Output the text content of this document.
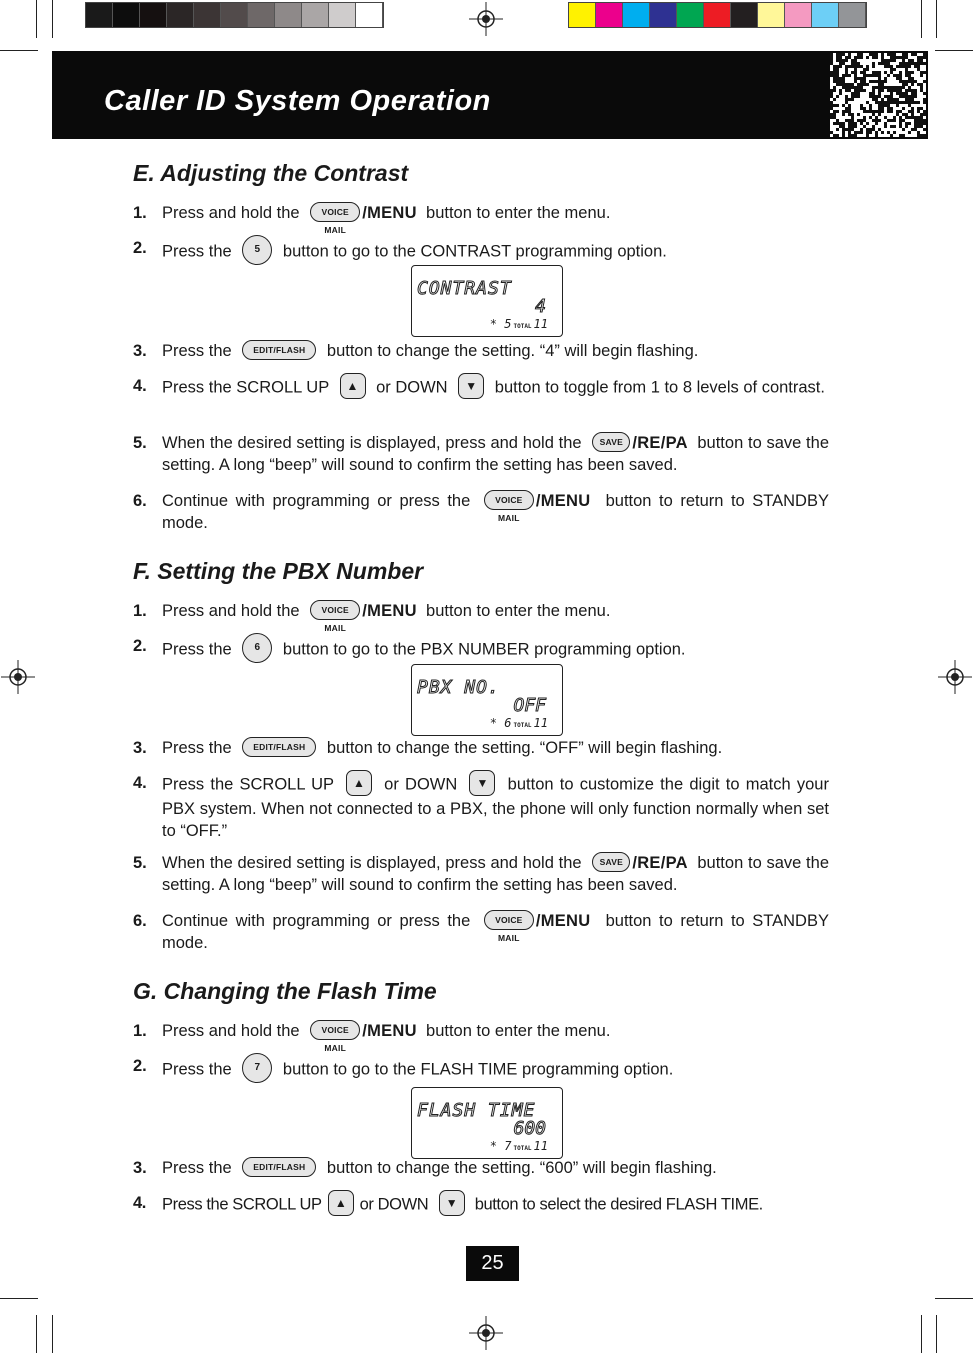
Caller ID System Operation
E. Adjusting the Contrast
1. Press and hold the	VOICE MAIL/MENU button to enter the menu.
2. Press the 5 button to go to the CONTRAST programming option.
CONTRAST
4
* 5 TOTAL 11
3. Press the	EDIT/FLASH button to change the setting. “4” will begin flashing.
4. Press the SCROLL UP ▲ or DOWN ▼ button to toggle from 1 to 8 levels of contrast.
5. When the desired setting is displayed, press and hold the SAVE /RE/PA button to save the setting. A long “beep” will sound to confirm the setting has been saved.
6. Continue with programming or press the	VOICE MAIL/MENU button to return to STANDBY mode.
F. Setting the PBX Number
1. Press and hold the	VOICE MAIL/MENU button to enter the menu.
2. Press the 6 button to go to the PBX NUMBER programming option.
PBX NO.
OFF
* 6 TOTAL 11
3. Press the	EDIT/FLASH button to change the setting. “OFF” will begin flashing.
4. Press the SCROLL UP ▲ or DOWN ▼ button to customize the digit to match your PBX system. When not connected to a PBX, the phone will only function normally when set to “OFF.”
5. When the desired setting is displayed, press and hold the SAVE /RE/PA button to save the setting. A long “beep” will sound to confirm the setting has been saved.
6. Continue with programming or press the	VOICE MAIL/MENU button to return to STANDBY mode.
G. Changing the Flash Time
1. Press and hold the	VOICE MAIL/MENU button to enter the menu.
2. Press the 7 button to go to the FLASH TIME programming option.
FLASH TIME
600
* 7 TOTAL 11
3. Press the	EDIT/FLASH button to change the setting. “600” will begin flashing.
4. Press the SCROLL UP ▲ or DOWN ▼ button to select the desired FLASH TIME.
25
